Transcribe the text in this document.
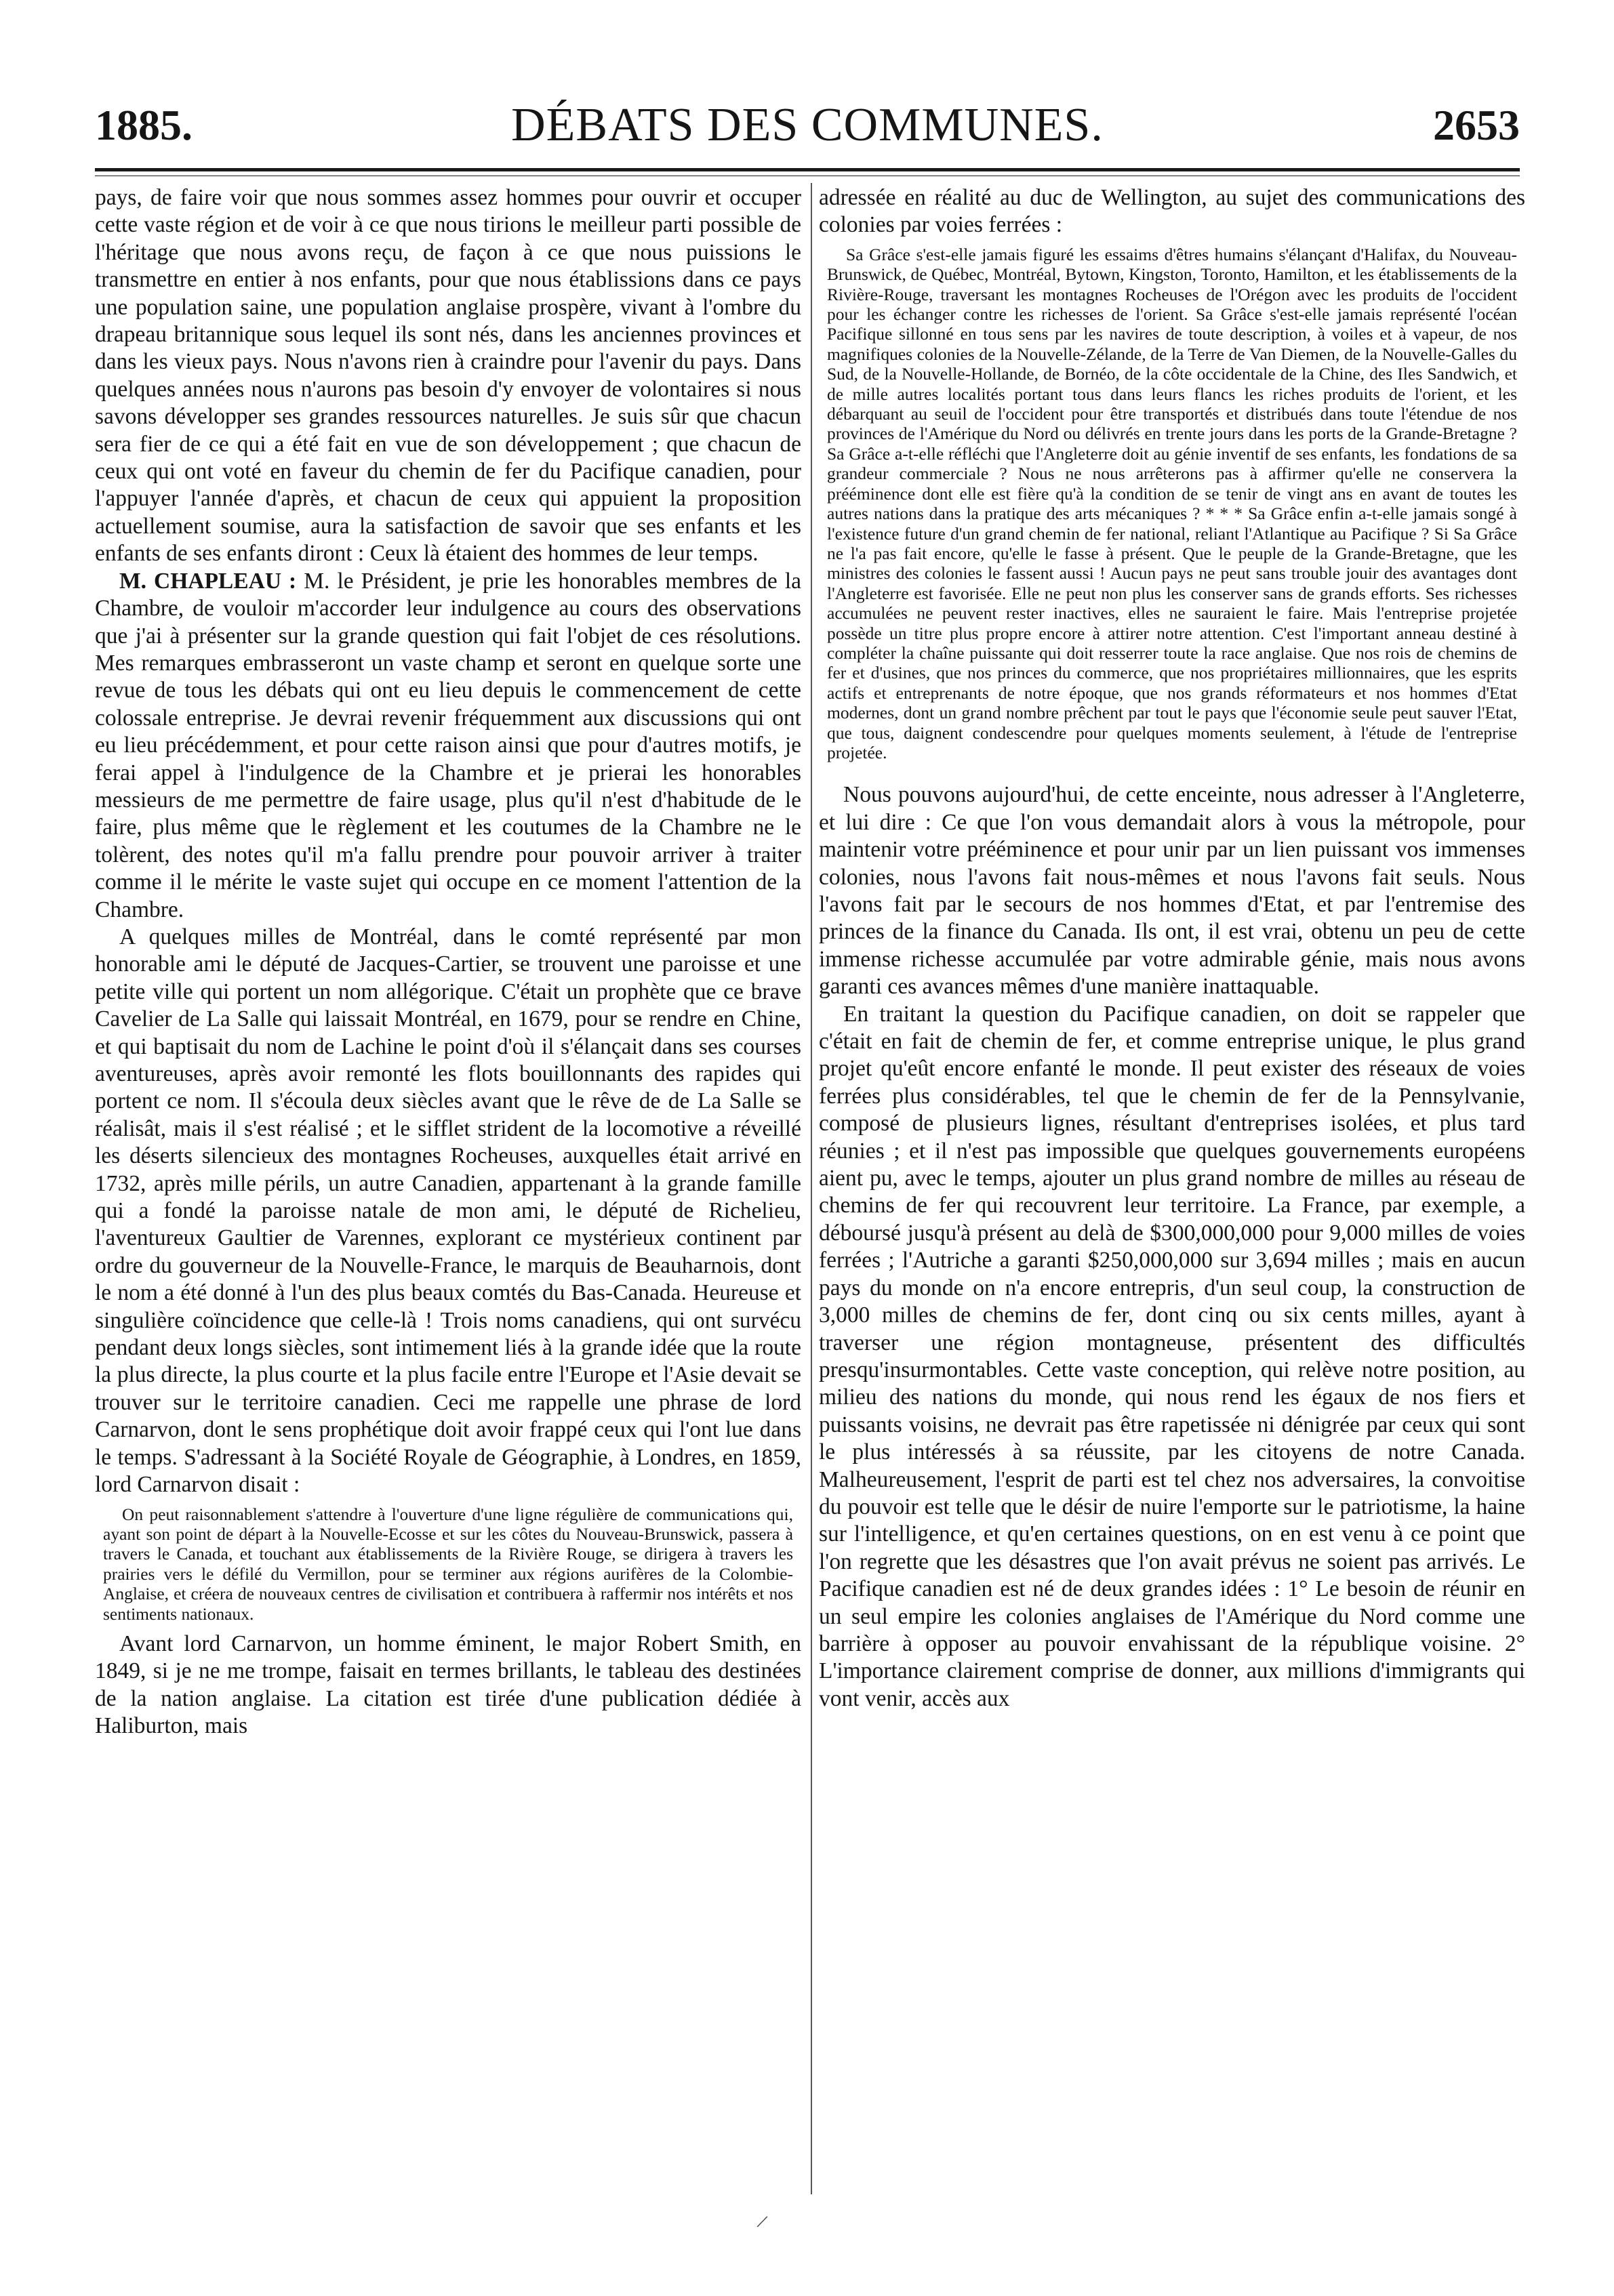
1885.	DÉBATS DES COMMUNES.	2653

pays, de faire voir que nous sommes assez hommes pour ouvrir et occuper cette vaste région et de voir à ce que nous tirions le meilleur parti possible de l'héritage que nous avons reçu, de façon à ce que nous puissions le transmettre en entier à nos enfants, pour que nous établissions dans ce pays une population saine, une population anglaise prospère, vivant à l'ombre du drapeau britannique sous lequel ils sont nés, dans les anciennes provinces et dans les vieux pays. Nous n'avons rien à craindre pour l'avenir du pays. Dans quelques années nous n'aurons pas besoin d'y envoyer de volontaires si nous savons développer ses grandes ressources naturelles. Je suis sûr que chacun sera fier de ce qui a été fait en vue de son développement ; que chacun de ceux qui ont voté en faveur du chemin de fer du Pacifique canadien, pour l'appuyer l'année d'après, et chacun de ceux qui appuient la proposition actuellement soumise, aura la satisfaction de savoir que ses enfants et les enfants de ses enfants diront : Ceux là étaient des hommes de leur temps.

M. CHAPLEAU : M. le Président, je prie les honorables membres de la Chambre, de vouloir m'accorder leur indulgence au cours des observations que j'ai à présenter sur la grande question qui fait l'objet de ces résolutions. Mes remarques embrasseront un vaste champ et seront en quelque sorte une revue de tous les débats qui ont eu lieu depuis le commencement de cette colossale entreprise. Je devrai revenir fréquemment aux discussions qui ont eu lieu précédemment, et pour cette raison ainsi que pour d'autres motifs, je ferai appel à l'indulgence de la Chambre et je prierai les honorables messieurs de me permettre de faire usage, plus qu'il n'est d'habitude de le faire, plus même que le règlement et les coutumes de la Chambre ne le tolèrent, des notes qu'il m'a fallu prendre pour pouvoir arriver à traiter comme il le mérite le vaste sujet qui occupe en ce moment l'attention de la Chambre.

A quelques milles de Montréal, dans le comté représenté par mon honorable ami le député de Jacques-Cartier, se trouvent une paroisse et une petite ville qui portent un nom allégorique. C'était un prophète que ce brave Cavelier de La Salle qui laissait Montréal, en 1679, pour se rendre en Chine, et qui baptisait du nom de Lachine le point d'où il s'élançait dans ses courses aventureuses, après avoir remonté les flots bouillonnants des rapides qui portent ce nom. Il s'écoula deux siècles avant que le rêve de de La Salle se réalisât, mais il s'est réalisé ; et le sifflet strident de la locomotive a réveillé les déserts silencieux des montagnes Rocheuses, auxquelles était arrivé en 1732, après mille périls, un autre Canadien, appartenant à la grande famille qui a fondé la paroisse natale de mon ami, le député de Richelieu, l'aventureux Gaultier de Varennes, explorant ce mystérieux continent par ordre du gouverneur de la Nouvelle-France, le marquis de Beauharnois, dont le nom a été donné à l'un des plus beaux comtés du Bas-Canada. Heureuse et singulière coïncidence que celle-là ! Trois noms canadiens, qui ont survécu pendant deux longs siècles, sont intimement liés à la grande idée que la route la plus directe, la plus courte et la plus facile entre l'Europe et l'Asie devait se trouver sur le territoire canadien. Ceci me rappelle une phrase de lord Carnarvon, dont le sens prophétique doit avoir frappé ceux qui l'ont lue dans le temps. S'adressant à la Société Royale de Géographie, à Londres, en 1859, lord Carnarvon disait :

On peut raisonnablement s'attendre à l'ouverture d'une ligne régulière de communications qui, ayant son point de départ à la Nouvelle-Ecosse et sur les côtes du Nouveau-Brunswick, passera à travers le Canada, et touchant aux établissements de la Rivière Rouge, se dirigera à travers les prairies vers le défilé du Vermillon, pour se terminer aux régions aurifères de la Colombie-Anglaise, et créera de nouveaux centres de civilisation et contribuera à raffermir nos intérêts et nos sentiments nationaux.

Avant lord Carnarvon, un homme éminent, le major Robert Smith, en 1849, si je ne me trompe, faisait en termes brillants, le tableau des destinées de la nation anglaise. La citation est tirée d'une publication dédiée à Haliburton, mais

adressée en réalité au duc de Wellington, au sujet des communications des colonies par voies ferrées :

Sa Grâce s'est-elle jamais figuré les essaims d'êtres humains s'élançant d'Halifax, du Nouveau-Brunswick, de Québec, Montréal, Bytown, Kingston, Toronto, Hamilton, et les établissements de la Rivière-Rouge, traversant les montagnes Rocheuses de l'Orégon avec les produits de l'occident pour les échanger contre les richesses de l'orient. Sa Grâce s'est-elle jamais représenté l'océan Pacifique sillonné en tous sens par les navires de toute description, à voiles et à vapeur, de nos magnifiques colonies de la Nouvelle-Zélande, de la Terre de Van Diemen, de la Nouvelle-Galles du Sud, de la Nouvelle-Hollande, de Bornéo, de la côte occidentale de la Chine, des Iles Sandwich, et de mille autres localités portant tous dans leurs flancs les riches produits de l'orient, et les débarquant au seuil de l'occident pour être transportés et distribués dans toute l'étendue de nos provinces de l'Amérique du Nord ou délivrés en trente jours dans les ports de la Grande-Bretagne ? Sa Grâce a-t-elle réfléchi que l'Angleterre doit au génie inventif de ses enfants, les fondations de sa grandeur commerciale ? Nous ne nous arrêterons pas à affirmer qu'elle ne conservera la prééminence dont elle est fière qu'à la condition de se tenir de vingt ans en avant de toutes les autres nations dans la pratique des arts mécaniques ? * * * Sa Grâce enfin a-t-elle jamais songé à l'existence future d'un grand chemin de fer national, reliant l'Atlantique au Pacifique ? Si Sa Grâce ne l'a pas fait encore, qu'elle le fasse à présent. Que le peuple de la Grande-Bretagne, que les ministres des colonies le fassent aussi ! Aucun pays ne peut sans trouble jouir des avantages dont l'Angleterre est favorisée. Elle ne peut non plus les conserver sans de grands efforts. Ses richesses accumulées ne peuvent rester inactives, elles ne sauraient le faire. Mais l'entreprise projetée possède un titre plus propre encore à attirer notre attention. C'est l'important anneau destiné à compléter la chaîne puissante qui doit resserrer toute la race anglaise. Que nos rois de chemins de fer et d'usines, que nos princes du commerce, que nos propriétaires millionnaires, que les esprits actifs et entreprenants de notre époque, que nos grands réformateurs et nos hommes d'Etat modernes, dont un grand nombre prêchent par tout le pays que l'économie seule peut sauver l'Etat, que tous, daignent condescendre pour quelques moments seulement, à l'étude de l'entreprise projetée.

Nous pouvons aujourd'hui, de cette enceinte, nous adresser à l'Angleterre, et lui dire : Ce que l'on vous demandait alors à vous la métropole, pour maintenir votre prééminence et pour unir par un lien puissant vos immenses colonies, nous l'avons fait nous-mêmes et nous l'avons fait seuls. Nous l'avons fait par le secours de nos hommes d'Etat, et par l'entremise des princes de la finance du Canada. Ils ont, il est vrai, obtenu un peu de cette immense richesse accumulée par votre admirable génie, mais nous avons garanti ces avances mêmes d'une manière inattaquable.

En traitant la question du Pacifique canadien, on doit se rappeler que c'était en fait de chemin de fer, et comme entreprise unique, le plus grand projet qu'eût encore enfanté le monde. Il peut exister des réseaux de voies ferrées plus considérables, tel que le chemin de fer de la Pennsylvanie, composé de plusieurs lignes, résultant d'entreprises isolées, et plus tard réunies ; et il n'est pas impossible que quelques gouvernements européens aient pu, avec le temps, ajouter un plus grand nombre de milles au réseau de chemins de fer qui recouvrent leur territoire. La France, par exemple, a déboursé jusqu'à présent au delà de $300,000,000 pour 9,000 milles de voies ferrées ; l'Autriche a garanti $250,000,000 sur 3,694 milles ; mais en aucun pays du monde on n'a encore entrepris, d'un seul coup, la construction de 3,000 milles de chemins de fer, dont cinq ou six cents milles, ayant à traverser une région montagneuse, présentent des difficultés presqu'insurmontables. Cette vaste conception, qui relève notre position, au milieu des nations du monde, qui nous rend les égaux de nos fiers et puissants voisins, ne devrait pas être rapetissée ni dénigrée par ceux qui sont le plus intéressés à sa réussite, par les citoyens de notre Canada. Malheureusement, l'esprit de parti est tel chez nos adversaires, la convoitise du pouvoir est telle que le désir de nuire l'emporte sur le patriotisme, la haine sur l'intelligence, et qu'en certaines questions, on en est venu à ce point que l'on regrette que les désastres que l'on avait prévus ne soient pas arrivés. Le Pacifique canadien est né de deux grandes idées : 1° Le besoin de réunir en un seul empire les colonies anglaises de l'Amérique du Nord comme une barrière à opposer au pouvoir envahissant de la république voisine. 2° L'importance clairement comprise de donner, aux millions d'immigrants qui vont venir, accès aux

/
